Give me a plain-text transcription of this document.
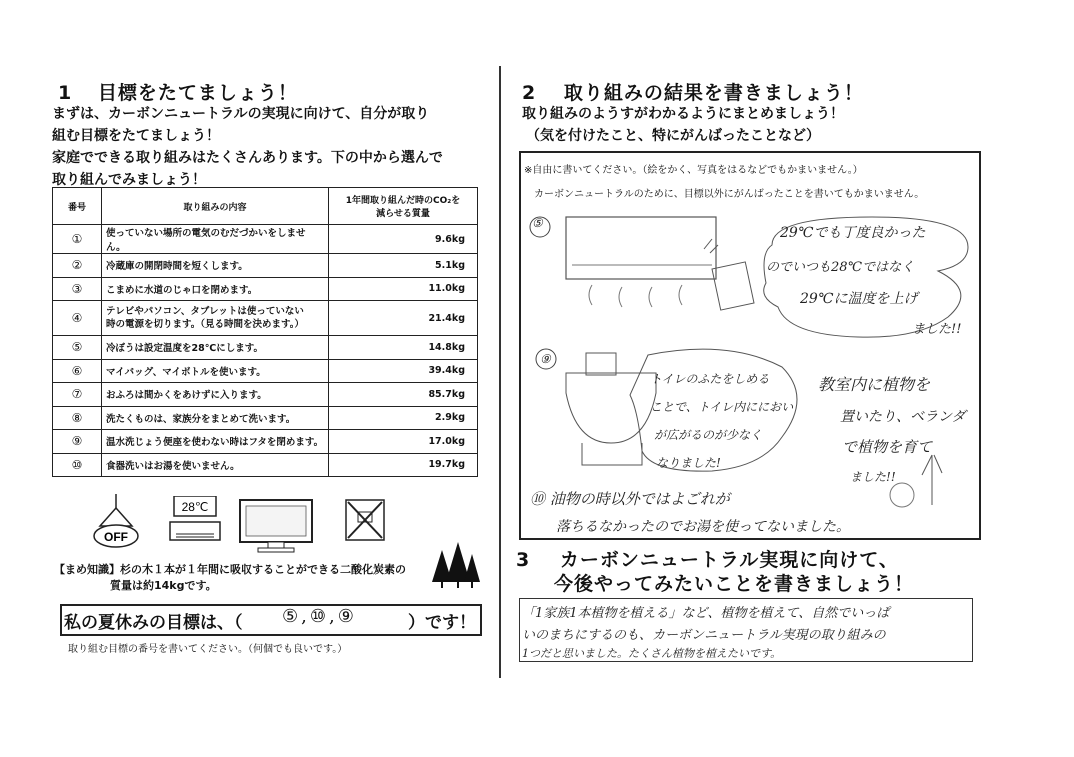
1 目標をたてましょう！
まずは、カーボンニュートラルの実現に向けて、自分が取り
組む目標をたてましょう！
家庭でできる取り組みはたくさんあります。下の中から選んで
取り組んでみましょう！
番号	取り組みの内容	1年間取り組んだ時のCO₂を
減らせる質量

①	使っていない場所の電気のむだづかいをしません。	9.6kg
②	冷蔵庫の開閉時間を短くします。	5.1kg
③	こまめに水道のじゃ口を閉めます。	11.0kg
④	テレビやパソコン、タブレットは使っていない
時の電源を切ります。（見る時間を決めます。）	21.4kg
⑤	冷ぼうは設定温度を28℃にします。	14.8kg
⑥	マイバッグ、マイボトルを使います。	39.4kg
⑦	おふろは間かくをあけずに入ります。	85.7kg
⑧	洗たくものは、家族分をまとめて洗います。	2.9kg
⑨	温水洗じょう便座を使わない時はフタを閉めます。	17.0kg
⑩	食器洗いはお湯を使いません。	19.7kg
OFF
28℃
【まめ知識】杉の木１本が１年間に吸収することができる二酸化炭素の
質量は約14kgです。
私の夏休みの目標は、（ ⑤,⑩,⑨	）です！
取り組む目標の番号を書いてください。（何個でも良いです。）
2 取り組みの結果を書きましょう！
取り組みのようすがわかるようにまとめましょう！
（気を付けたこと、特にがんばったことなど）
※自由に書いてください。（絵をかく、写真をはるなどでもかまいません。）
カーボンニュートラルのために、目標以外にがんばったことを書いてもかまいません。
⑤
29℃でも丁度良かった
のでいつも28℃ではなく
29℃に温度を上げ
ました!!
⑨
トイレのふたをしめる
ことで、トイレ内ににおい
が広がるのが少なく
なりました!
教室内に植物を
置いたり、ベランダ
で植物を育て
ました!!
⑩ 油物の時以外ではよごれが
落ちるなかったのでお湯を使ってないました。
3 カーボンニュートラル実現に向けて、
今後やってみたいことを書きましょう！
「1家族1本植物を植える」など、植物を植えて、自然でいっぱ
いのまちにするのも、カーボンニュートラル実現の取り組みの
1つだと思いました。たくさん植物を植えたいです。
